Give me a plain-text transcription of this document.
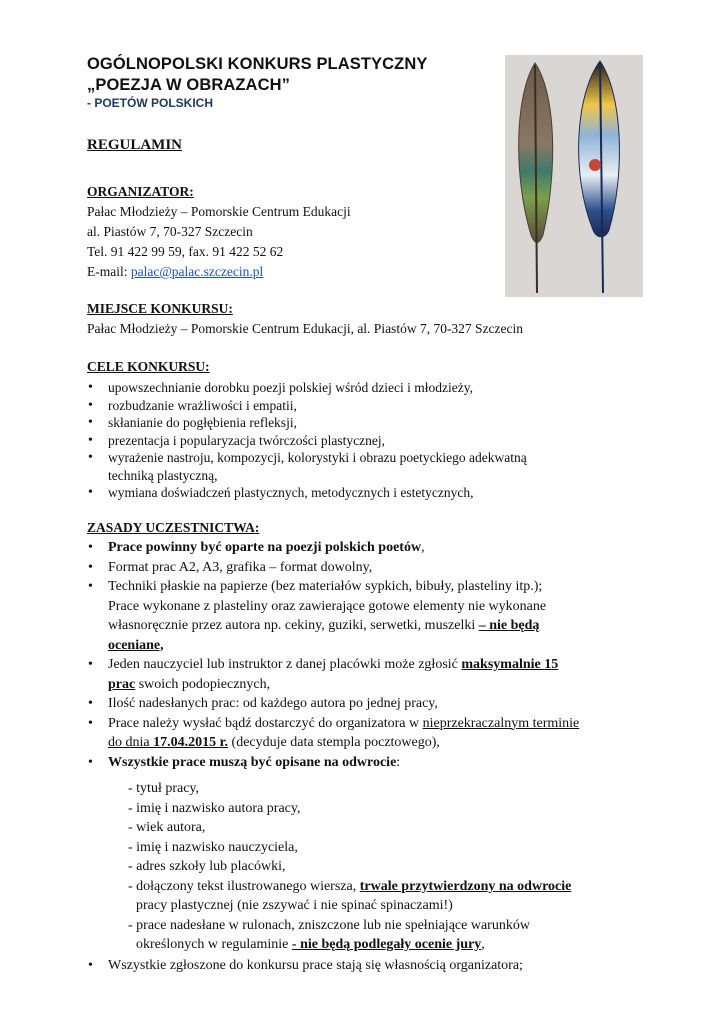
OGÓLNOPOLSKI KONKURS PLASTYCZNY
„POEZJA W OBRAZACH”
- POETÓW POLSKICH
REGULAMIN
ORGANIZATOR:
Pałac Młodzieży – Pomorskie Centrum Edukacji
al. Piastów 7, 70-327 Szczecin
Tel. 91 422 99 59, fax. 91 422 52 62
E-mail: palac@palac.szczecin.pl
MIEJSCE KONKURSU:
Pałac Młodzieży – Pomorskie Centrum Edukacji, al. Piastów 7, 70-327 Szczecin
CELE KONKURSU:
• upowszechnianie dorobku poezji polskiej wśród dzieci i młodzieży,
• rozbudzanie wrażliwości i empatii,
• skłanianie do pogłębienia refleksji,
• prezentacja i popularyzacja twórczości plastycznej,
• wyrażenie nastroju, kompozycji, kolorystyki i obrazu poetyckiego adekwatną
techniką plastyczną,
• wymiana doświadczeń plastycznych, metodycznych i estetycznych,
ZASADY UCZESTNICTWA:
• Prace powinny być oparte na poezji polskich poetów,
• Format prac A2, A3, grafika – format dowolny,
• Techniki płaskie na papierze (bez materiałów sypkich, bibuły, plasteliny itp.);
Prace wykonane z plasteliny oraz zawierające gotowe elementy nie wykonane
własnoręcznie przez autora np. cekiny, guziki, serwetki, muszelki – nie będą
oceniane,
• Jeden nauczyciel lub instruktor z danej placówki może zgłosić maksymalnie 15
prac swoich podopiecznych,
• Ilość nadesłanych prac: od każdego autora po jednej pracy,
• Prace należy wysłać bądź dostarczyć do organizatora w nieprzekraczalnym terminie
do dnia 17.04.2015 r. (decyduje data stempla pocztowego),
• Wszystkie prace muszą być opisane na odwrocie:
- tytuł pracy,
- imię i nazwisko autora pracy,
- wiek autora,
- imię i nazwisko nauczyciela,
- adres szkoły lub placówki,
- dołączony tekst ilustrowanego wiersza, trwale przytwierdzony na odwrocie
pracy plastycznej (nie zszywać i nie spinać spinaczami!)
- prace nadesłane w rulonach, zniszczone lub nie spełniające warunków
określonych w regulaminie - nie będą podlegały ocenie jury,
• Wszystkie zgłoszone do konkursu prace stają się własnością organizatora;
